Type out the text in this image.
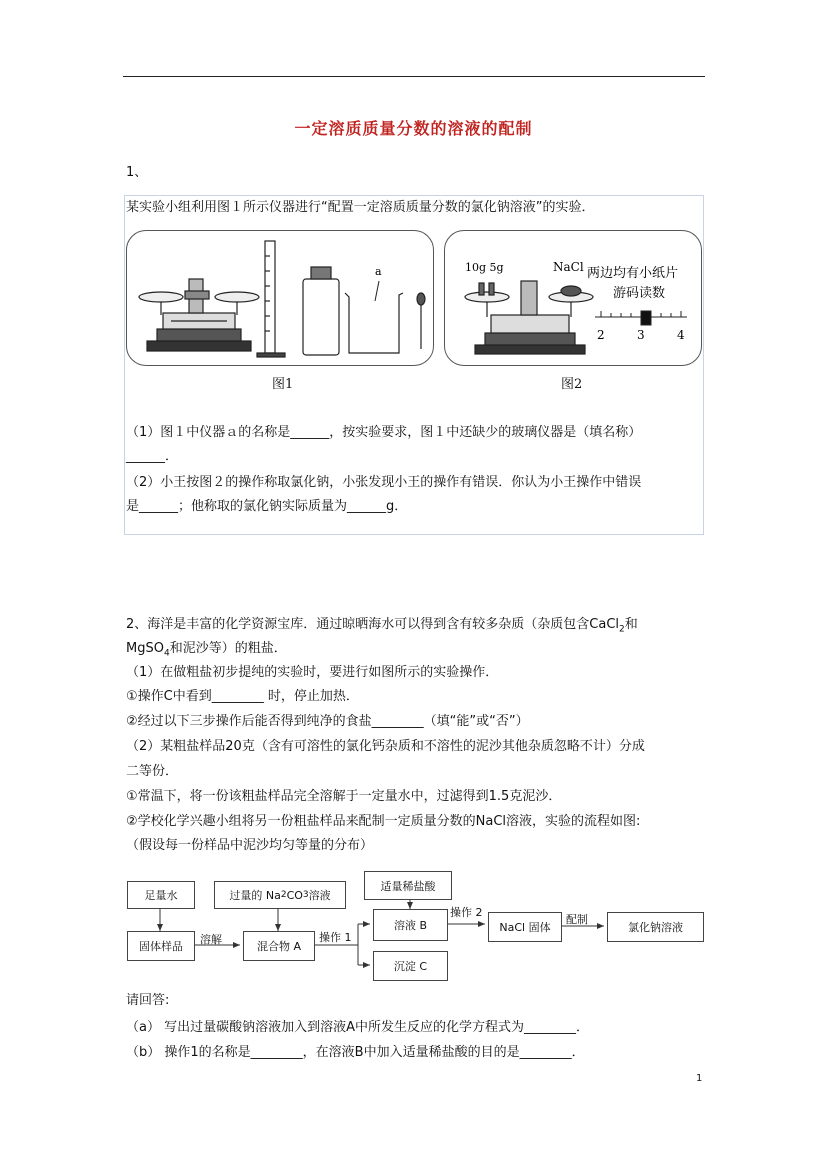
一定溶质质量分数的溶液的配制
1、
某实验小组利用图１所示仪器进行“配置一定溶质质量分数的氯化钠溶液”的实验．
a
图1
10g 5g	NaCl 两边均有小纸片
游码读数
2	3	4
图2
（1）图１中仪器ａ的名称是______，按实验要求，图１中还缺少的玻璃仪器是（填名称）
______．
（2）小王按图２的操作称取氯化钠，小张发现小王的操作有错误．你认为小王操作中错误
是______；他称取的氯化钠实际质量为______g．
2、海洋是丰富的化学资源宝库．通过晾晒海水可以得到含有较多杂质（杂质包含CaCl$_2$和
MgSO$_4$和泥沙等）的粗盐．
（1）在做粗盐初步提纯的实验时，要进行如图所示的实验操作．
①操作C中看到________ 时，停止加热．
②经过以下三步操作后能否得到纯净的食盐________（填“能”或“否”）
（2）某粗盐样品20克（含有可溶性的氯化钙杂质和不溶性的泥沙其他杂质忽略不计）分成
二等份．
①常温下，将一份该粗盐样品完全溶解于一定量水中，过滤得到1.5克泥沙．
②学校化学兴趣小组将另一份粗盐样品来配制一定质量分数的NaCl溶液，实验的流程如图:
（假设每一份样品中泥沙均匀等量的分布）
足量水	过量的 Na 2 CO 3 溶液
适量稀盐酸
固体样品
溶解
混合物 A
操作 1
溶液 B
沉淀 C
操作 2
NaCl 固体
配制
氯化钠溶液
请回答:
（a） 写出过量碳酸钠溶液加入到溶液A中所发生反应的化学方程式为________．
（b） 操作1的名称是________，在溶液B中加入适量稀盐酸的目的是________．
1
